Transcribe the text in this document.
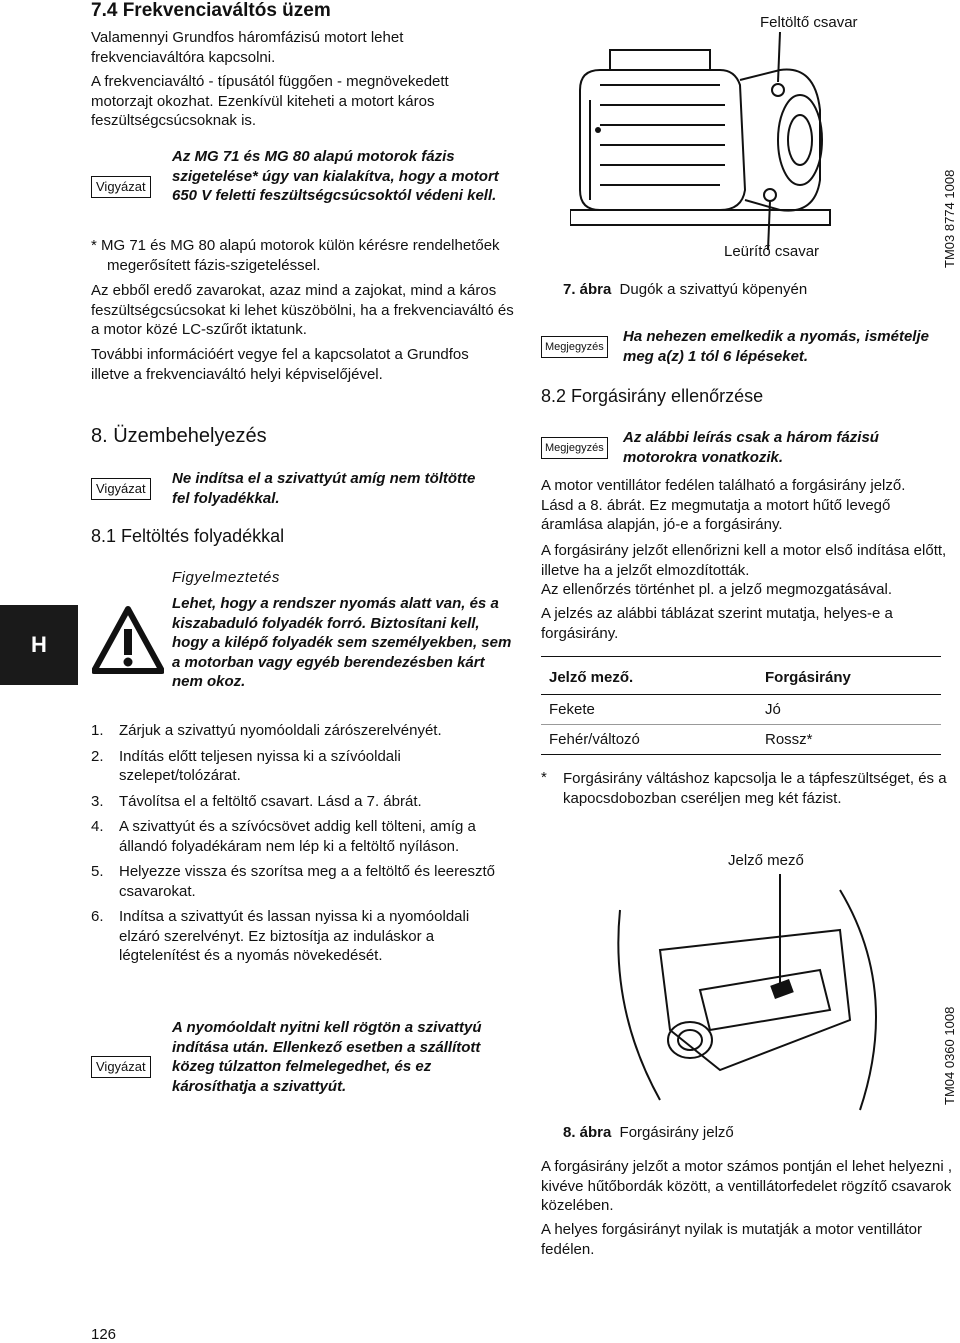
7.4 Frekvenciaváltós üzem

Valamennyi Grundfos háromfázisú motort lehet frekvenciaváltóra kapcsolni.

A frekvenciaváltó - típusától függően - megnövekedett motorzajt okozhat. Ezenkívül kiteheti a motort káros feszültségcsúcsoknak is.

Vigyázat
Az MG 71 és MG 80 alapú motorok fázis szigetelése* úgy van kialakítva, hogy a motort 650 V feletti feszültségcsúcsoktól védeni kell.

* MG 71 és MG 80 alapú motorok külön kérésre rendelhetőek megerősített fázis-szigeteléssel.

Az ebből eredő zavarokat, azaz mind a zajokat, mind a káros feszültségcsúcsokat ki lehet küszöbölni, ha a frekvenciaváltó és a motor közé LC-szűrőt iktatunk.

További információért vegye fel a kapcsolatot a Grundfos illetve a frekvenciaváltó helyi képviselőjével.

8. Üzembehelyezés
Vigyázat
Ne indítsa el a szivattyút amíg nem töltötte fel folyadékkal.
8.1 Feltöltés folyadékkal
Figyelmeztetés
Lehet, hogy a rendszer nyomás alatt van, és a kiszabaduló folyadék forró. Biztosítani kell, hogy a kilépő folyadék sem személyekben, sem a motorban vagy egyéb berendezésben kárt nem okoz.
1. Zárjuk a szivattyú nyomóoldali zárószerelvényét.
2. Indítás előtt teljesen nyissa ki a szívóoldali szelepet/tolózárat.
3. Távolítsa el a feltöltő csavart. Lásd a 7. ábrát.
4. A szivattyút és a szívócsövet addig kell tölteni, amíg a állandó folyadékáram nem lép ki a feltöltő nyíláson.
5. Helyezze vissza és szorítsa meg a a feltöltő és leeresztő csavarokat.
6. Indítsa a szivattyút és lassan nyissa ki a nyomóoldali elzáró szerelvényt. Ez biztosítja az induláskor a légtelenítést és a nyomás növekedését.
Vigyázat
A nyomóoldalt nyitni kell rögtön a szivattyú indítása után. Ellenkező esetben a szállított közeg túlzatton felmelegedhet, és ez károsíthatja a szivattyút.
126
H
Feltöltő csavar
Leürítő csavar	TM03 8774 1008
7. ábra Dugók a szivattyú köpenyén
Megjegyzés
Ha nehezen emelkedik a nyomás, ismételje meg a(z) 1 tól 6 lépéseket.
8.2 Forgásirány ellenőrzése
Megjegyzés
Az alábbi leírás csak a három fázisú motorokra vonatkozik.

A motor ventillátor fedélen található a forgásirány jelző. Lásd a 8. ábrát. Ez megmutatja a motort hűtő levegő áramlása alapján, jó-e a forgásirány.

A forgásirány jelzőt ellenőrizni kell a motor első indítása előtt, illetve ha a jelzőt elmozdították.

Az ellenőrzés történhet pl. a jelző megmozgatásával.

A jelzés az alábbi táblázat szerint mutatja, helyes-e a forgásirány.

Jelző mező.	Forgásirány
Fekete	Jó
Fehér/változó	Rossz*
* Forgásirány váltáshoz kapcsolja le a tápfeszültséget, és a kapocsdobozban cseréljen meg két fázist.

Jelző mező
TM04 0360 1008
8. ábra Forgásirány jelző

A forgásirány jelzőt a motor számos pontján el lehet helyezni , kivéve hűtőbordák között, a ventillátorfedelet rögzítő csavarok közelében.

A helyes forgásirányt nyilak is mutatják a motor ventillátor fedélen.
